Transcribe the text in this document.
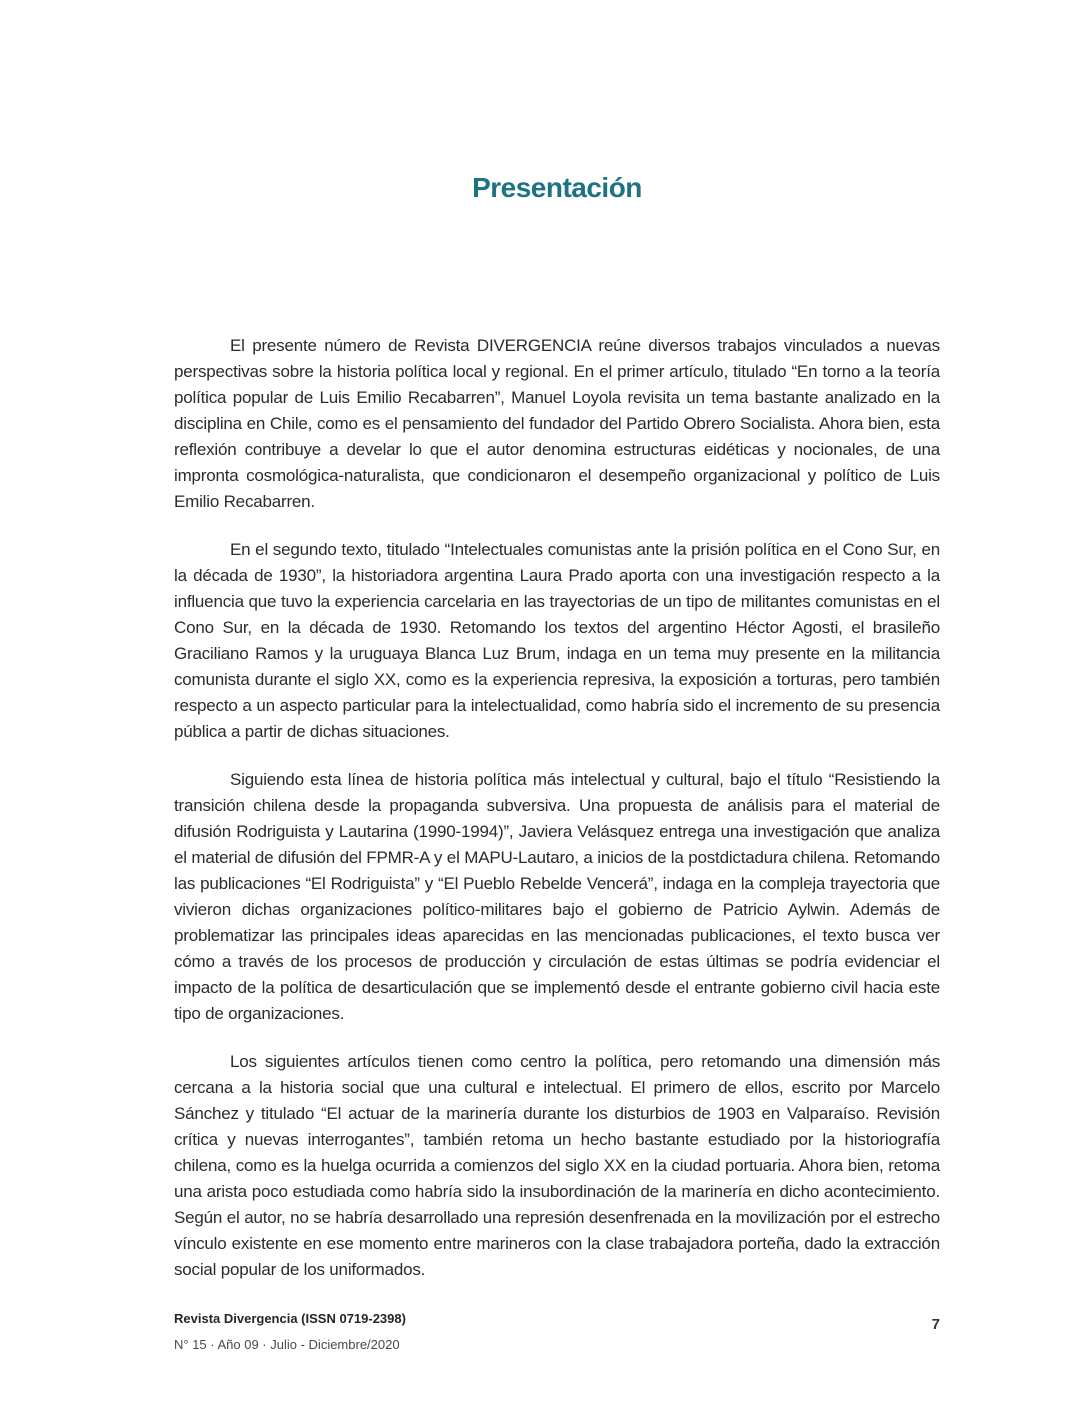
Presentación

El presente número de Revista DIVERGENCIA reúne diversos trabajos vinculados a nuevas perspectivas sobre la historia política local y regional. En el primer artículo, titulado “En torno a la teoría política popular de Luis Emilio Recabarren”, Manuel Loyola revisita un tema bastante analizado en la disciplina en Chile, como es el pensamiento del fundador del Partido Obrero Socialista. Ahora bien, esta reflexión contribuye a develar lo que el autor denomina estructuras eidéticas y nocionales, de una impronta cosmológica-naturalista, que condicionaron el desempeño organizacional y político de Luis Emilio Recabarren.

En el segundo texto, titulado “Intelectuales comunistas ante la prisión política en el Cono Sur, en la década de 1930”, la historiadora argentina Laura Prado aporta con una investigación respecto a la influencia que tuvo la experiencia carcelaria en las trayectorias de un tipo de militantes comunistas en el Cono Sur, en la década de 1930. Retomando los textos del argentino Héctor Agosti, el brasileño Graciliano Ramos y la uruguaya Blanca Luz Brum, indaga en un tema muy presente en la militancia comunista durante el siglo XX, como es la experiencia represiva, la exposición a torturas, pero también respecto a un aspecto particular para la intelectualidad, como habría sido el incremento de su presencia pública a partir de dichas situaciones.

Siguiendo esta línea de historia política más intelectual y cultural, bajo el título “Resistiendo la transición chilena desde la propaganda subversiva. Una propuesta de análisis para el material de difusión Rodriguista y Lautarina (1990-1994)”, Javiera Velásquez entrega una investigación que analiza el material de difusión del FPMR-A y el MAPU-Lautaro, a inicios de la postdictadura chilena. Retomando las publicaciones “El Rodriguista” y “El Pueblo Rebelde Vencerá”, indaga en la compleja trayectoria que vivieron dichas organizaciones político-militares bajo el gobierno de Patricio Aylwin. Además de problematizar las principales ideas aparecidas en las mencionadas publicaciones, el texto busca ver cómo a través de los procesos de producción y circulación de estas últimas se podría evidenciar el impacto de la política de desarticulación que se implementó desde el entrante gobierno civil hacia este tipo de organizaciones.

Los siguientes artículos tienen como centro la política, pero retomando una dimensión más cercana a la historia social que una cultural e intelectual. El primero de ellos, escrito por Marcelo Sánchez y titulado “El actuar de la marinería durante los disturbios de 1903 en Valparaíso. Revisión crítica y nuevas interrogantes”, también retoma un hecho bastante estudiado por la historiografía chilena, como es la huelga ocurrida a comienzos del siglo XX en la ciudad portuaria. Ahora bien, retoma una arista poco estudiada como habría sido la insubordinación de la marinería en dicho acontecimiento. Según el autor, no se habría desarrollado una represión desenfrenada en la movilización por el estrecho vínculo existente en ese momento entre marineros con la clase trabajadora porteña, dado la extracción social popular de los uniformados.

Revista Divergencia (ISSN 0719-2398)
N° 15 · Año 09 · Julio - Diciembre/2020
7
